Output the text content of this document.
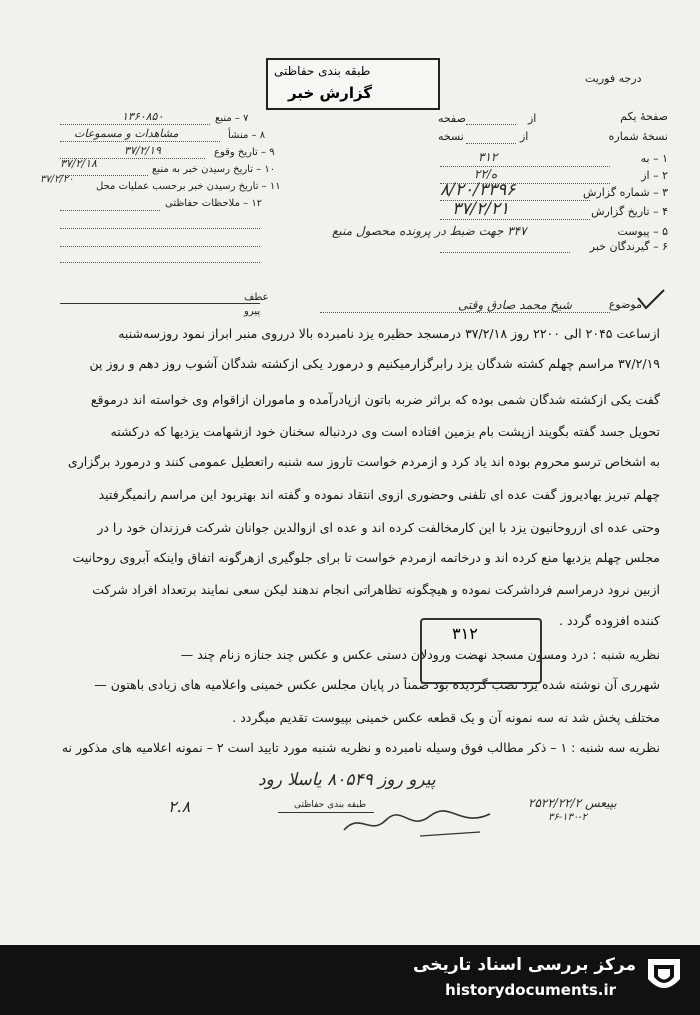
درجه فوریت
طبقه بندی حفاظتی
گزارش خبر
صفحهٔ یکم
از
صفحه
نسخهٔ شماره
از
نسخه
۱ – به
۳۱۲
۲ – از
۲۲/ه
۳ – شماره گزارش
۸/۲۰/۳۳۹۶
۴ – تاریخ گزارش
۳۷/۲/۲۱
۵ – پیوست
۳۴۷ جهت ضبط در پرونده محصول منبع
۶ – گیرندگان خبر
۷ – منبع
۱۳۶۰۸۵۰
۸ – منشأ
مشاهدات و مسموعات
۹ – تاریخ وقوع
۳۷/۲/۱۹
۱۰ – تاریخ رسیدن خبر به منبع
۳۷/۲/۱۸
۱۱ – تاریخ رسیدن خبر برحسب عملیات محل
۳۷/۲/۲۰
۱۲ – ملاحظات حفاظتی
عطف
پیرو
موضوع
شیخ محمد صادق وقتی
ازساعت ۲۰۴۵ الی ۲۲۰۰ روز ۳۷/۲/۱۸ درمسجد حظیره یزد نامبرده بالا درروی منبر ابراز نمود روزسه‌شنبه
۳۷/۲/۱۹ مراسم چهلم کشته شدگان یزد رابرگزارمیکنیم و درمورد یکی ازکشته شدگان آشوب روز دهم و روز پن
گفت یکی ازکشته شدگان شمی بوده که براثر ضربه باتون ازپادرآمده و ماموران ازاقوام وی خواسته اند درموقع
تحویل جسد گفته بگویند ازپشت بام بزمین افتاده است وی دردنباله سخنان خود ازشهامت یزدیها که درکشته
به اشخاص ترسو محروم بوده اند یاد کرد و ازمردم خواست تاروز سه شنبه راتعطیل عمومی کنند و درمورد برگزاری
چهلم تبریز یهادیروز گفت عده ای تلفنی وحضوری ازوی انتقاد نموده و گفته اند بهتربود این مراسم رانمیگرفتید
وحتی عده ای ازروحانیون یزد با این کارمخالفت کرده اند و عده ای ازوالدین جوانان شرکت فرزندان خود را در
مجلس چهلم یزدیها منع کرده اند و درخاتمه ازمردم خواست تا برای جلوگیری ازهرگونه اتفاق واینکه آبروی روحانیت
ازبین نرود درمراسم فرداشرکت نموده و هیچگونه تظاهراتی انجام ندهند لیکن سعی نمایند برتعداد افراد شرکت
کننده افزوده گردد .
نظریه شنبه : درد ومسون مسجد نهضت ورودلان دستی عکس و عکس چند جنازه زنام چند —
شهرری آن نوشته شده یزد نصب گردیده بود ضمناً در پایان مجلس عکس خمینی واعلامیه های زیادی باهتون —
مختلف پخش شد نه سه نمونه آن و یک قطعه عکس خمینی بپیوست تقدیم میگردد .
نظریه سه شنبه : ۱ – ذکر مطالب فوق وسیله نامبرده و نظریه شنبه مورد تایید است ۲ – نمونه اعلامیه های مذکور نه
۳۱۲
پیرو روز ۸۰۵۴۹ یاسلا رود
طبقه بندی حفاظتی	۲۵۲۲/۲۲/۲ بپیعس
۳۶-۱۳۰-۲
۲.۸
مرکز بررسی اسناد تاریخی
historydocuments.ir
